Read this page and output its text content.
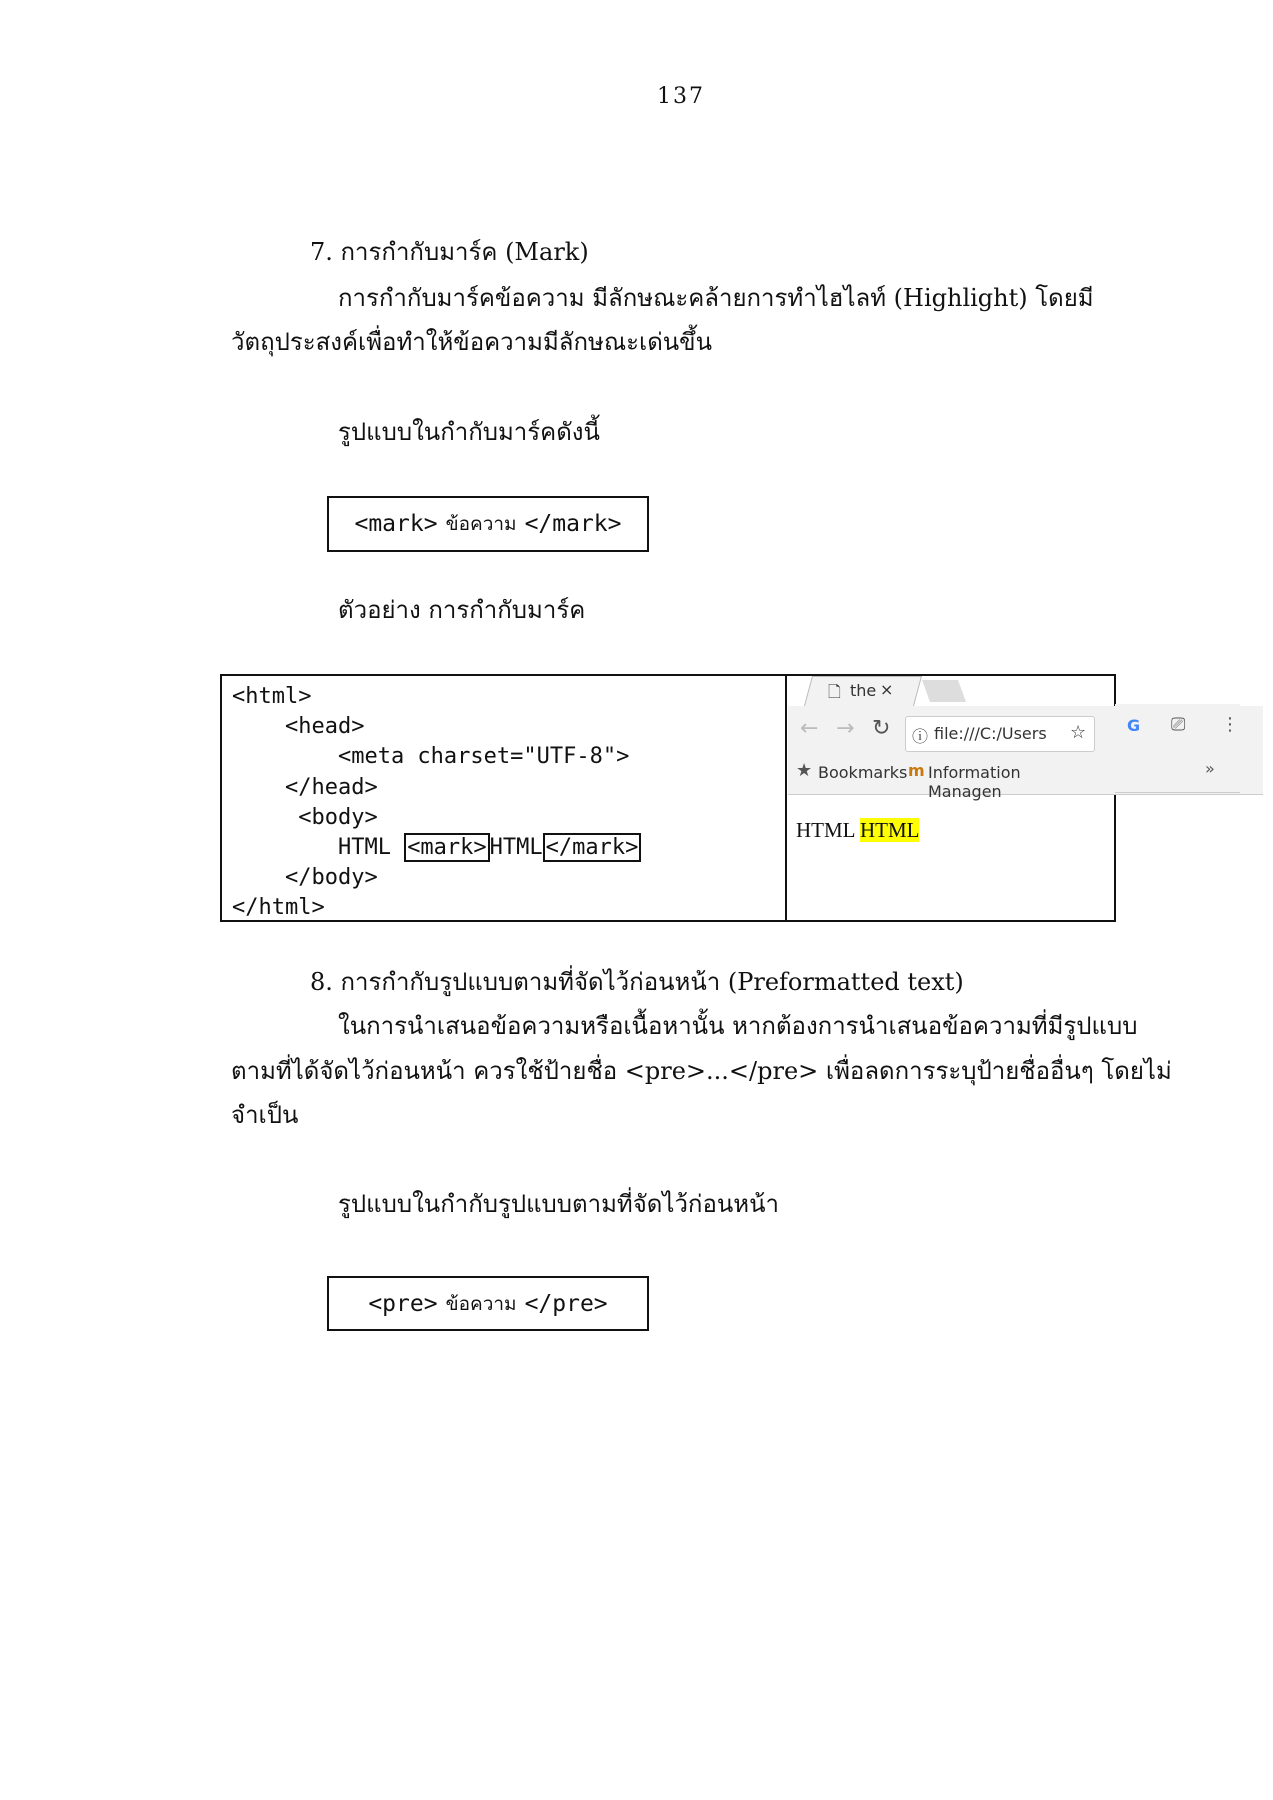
137
7. การกำกับมาร์ค (Mark)
การกำกับมาร์คข้อความ มีลักษณะคล้ายการทำไฮไลท์ (Highlight) โดยมี
วัตถุประสงค์เพื่อทำให้ข้อความมีลักษณะเด่นขึ้น
รูปแบบในกำกับมาร์คดังนี้
<mark> ข้อความ </mark>
ตัวอย่าง การกำกับมาร์ค
<html>
<head>
<meta charset="UTF-8">
</head>
<body>
HTML <mark> HTML </mark>
</body>
</html>
🗋 the ×
← → ↻ ⓘ file:///C:/Users	☆
★ Bookmarks m Information Managen
HTML HTML
G ⎚ ⋮
»
8. การกำกับรูปแบบตามที่จัดไว้ก่อนหน้า (Preformatted text)
ในการนำเสนอข้อความหรือเนื้อหานั้น หากต้องการนำเสนอข้อความที่มีรูปแบบ
ตามที่ได้จัดไว้ก่อนหน้า ควรใช้ป้ายชื่อ <pre>...</pre> เพื่อลดการระบุป้ายชื่ออื่นๆ โดยไม่
จำเป็น
รูปแบบในกำกับรูปแบบตามที่จัดไว้ก่อนหน้า
<pre> ข้อความ </pre>
